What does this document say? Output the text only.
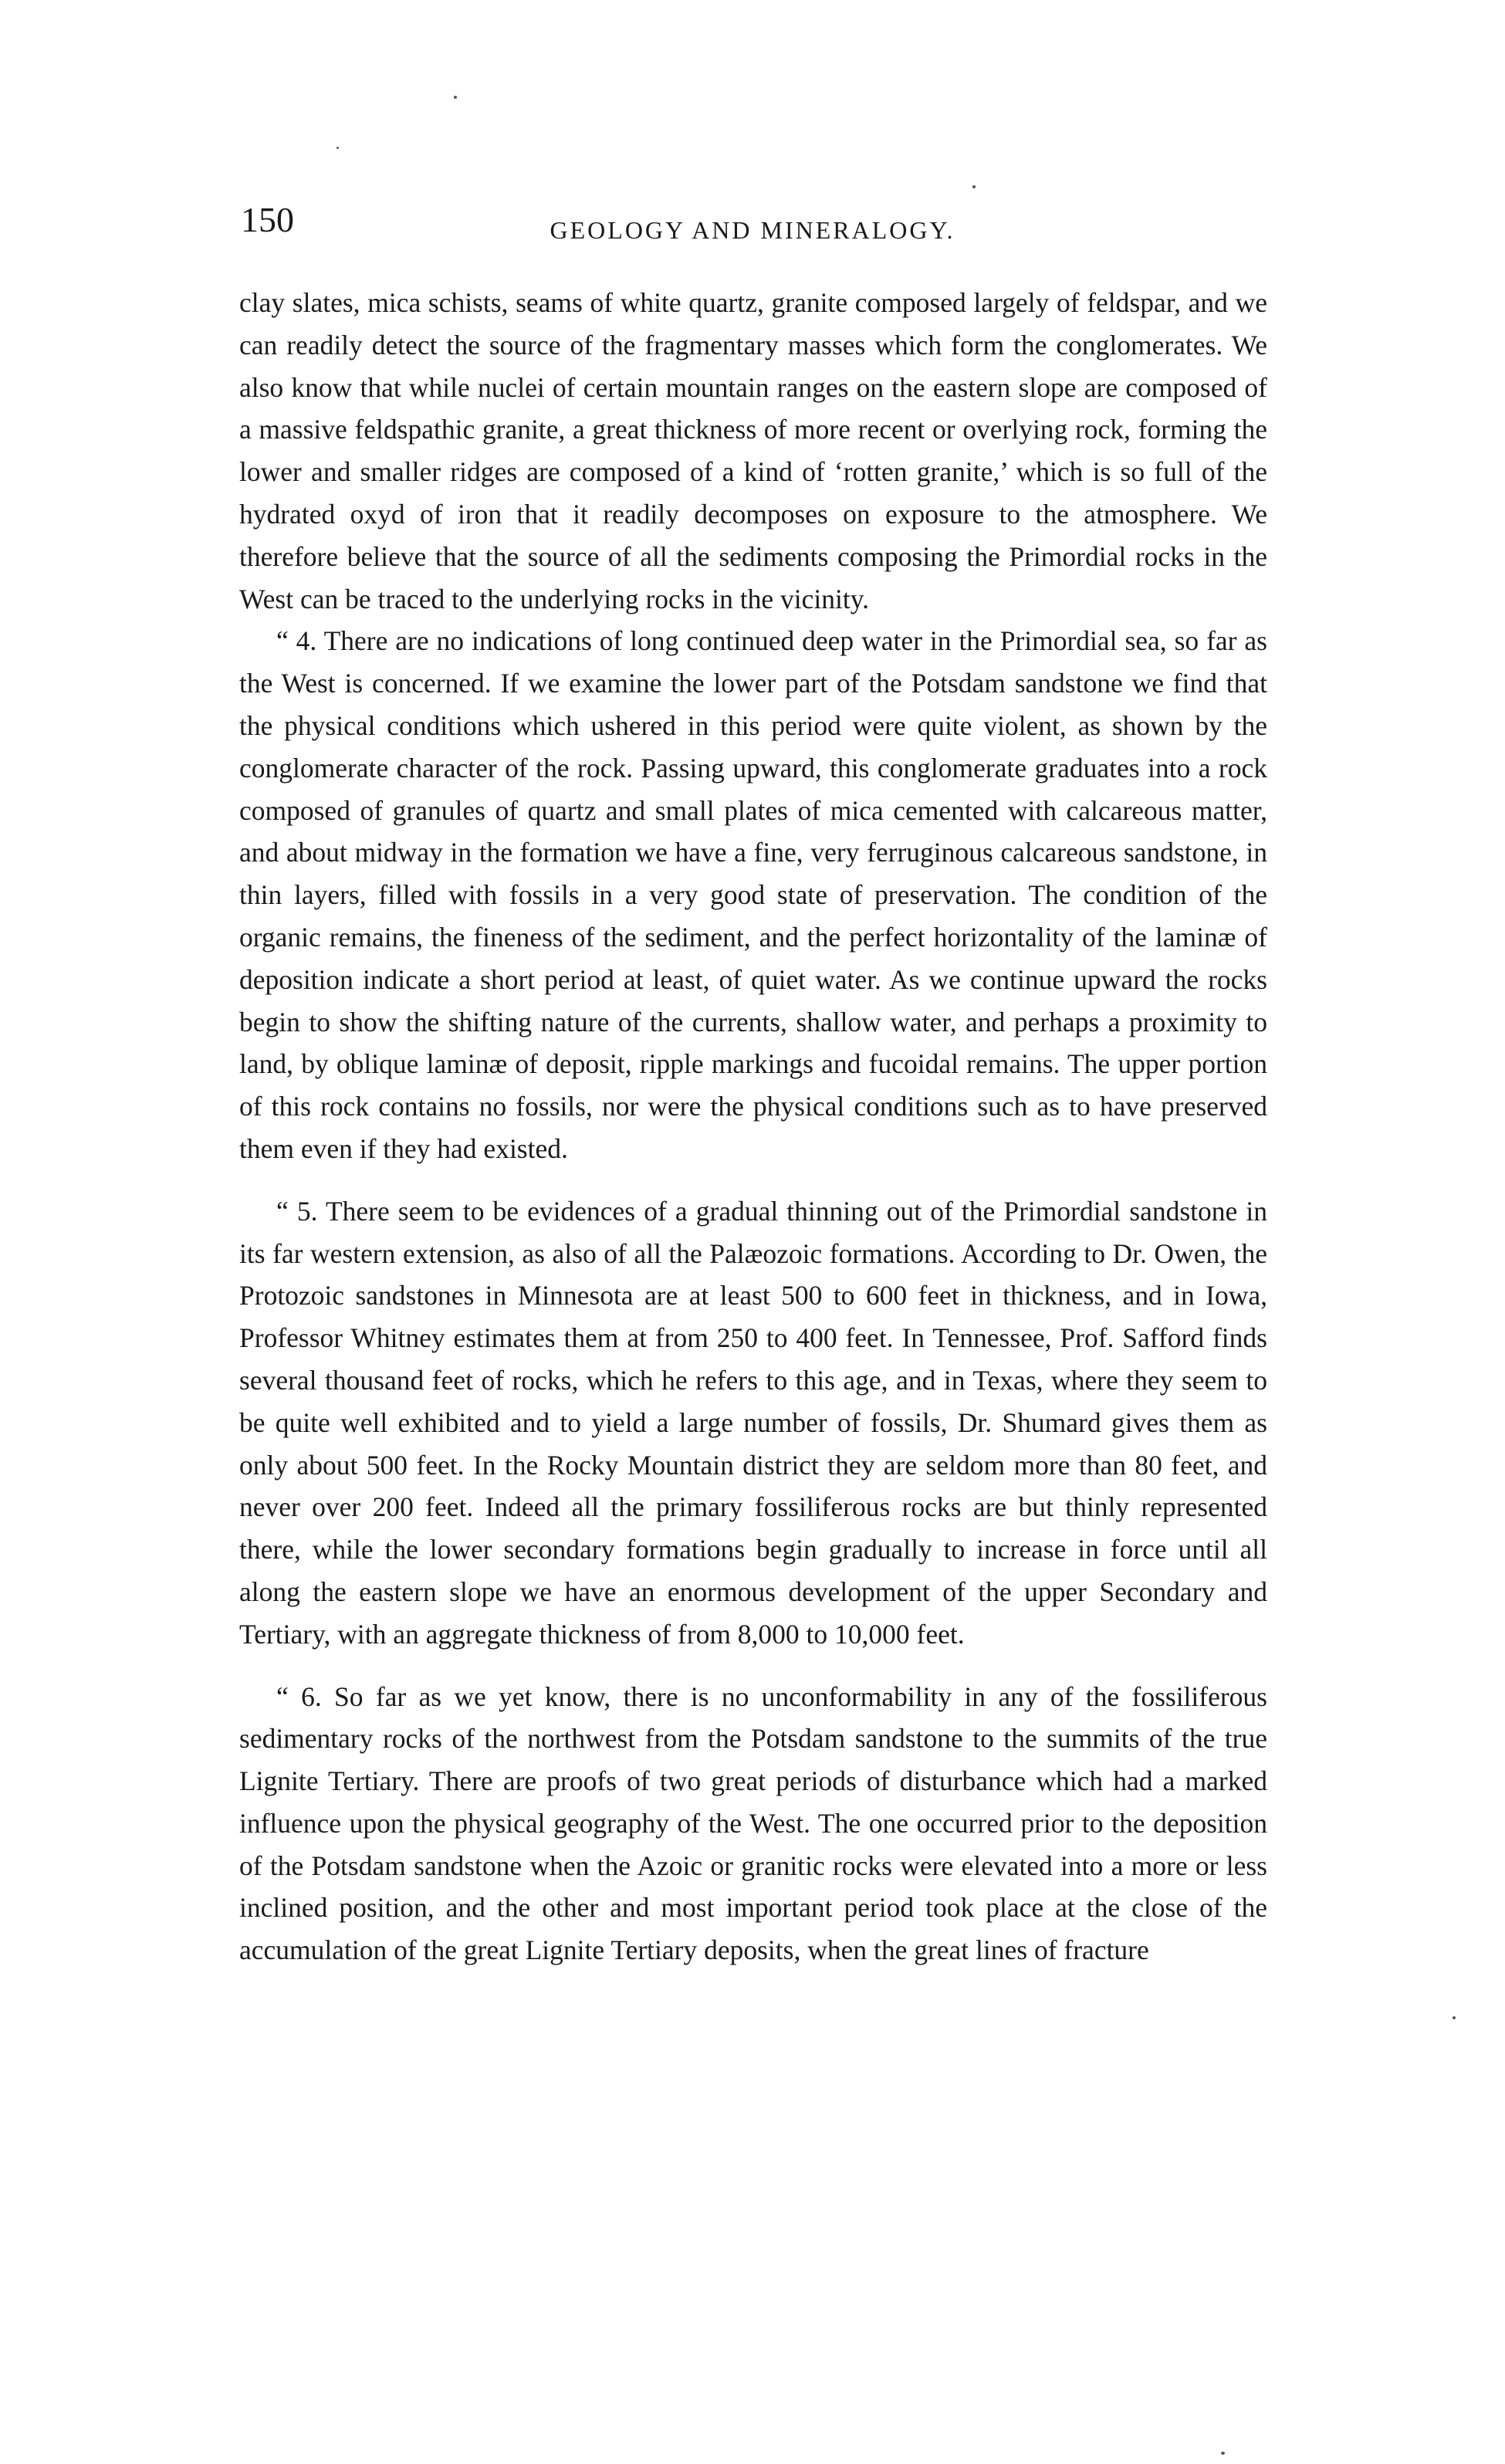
150	GEOLOGY AND MINERALOGY.

clay slates, mica schists, seams of white quartz, granite composed largely of feldspar, and we can readily detect the source of the fragmentary masses which form the conglomerates. We also know that while nuclei of certain mountain ranges on the eastern slope are composed of a massive feldspathic granite, a great thickness of more recent or overlying rock, forming the lower and smaller ridges are composed of a kind of ‘rotten granite,’ which is so full of the hydrated oxyd of iron that it readily decomposes on exposure to the atmosphere. We therefore believe that the source of all the sediments composing the Primordial rocks in the West can be traced to the underlying rocks in the vicinity.

“ 4. There are no indications of long continued deep water in the Primordial sea, so far as the West is concerned. If we examine the lower part of the Potsdam sandstone we find that the physical conditions which ushered in this period were quite violent, as shown by the conglomerate character of the rock. Passing upward, this conglomerate graduates into a rock composed of granules of quartz and small plates of mica cemented with calcareous matter, and about midway in the formation we have a fine, very ferruginous calcareous sandstone, in thin layers, filled with fossils in a very good state of preservation. The condition of the organic remains, the fineness of the sediment, and the perfect horizontality of the laminæ of deposition indicate a short period at least, of quiet water. As we continue upward the rocks begin to show the shifting nature of the currents, shallow water, and perhaps a proximity to land, by oblique laminæ of deposit, ripple markings and fucoidal remains. The upper portion of this rock contains no fossils, nor were the physical conditions such as to have preserved them even if they had existed.

“ 5. There seem to be evidences of a gradual thinning out of the Primordial sandstone in its far western extension, as also of all the Palæozoic formations. According to Dr. Owen, the Protozoic sandstones in Minnesota are at least 500 to 600 feet in thickness, and in Iowa, Professor Whitney estimates them at from 250 to 400 feet. In Tennessee, Prof. Safford finds several thousand feet of rocks, which he refers to this age, and in Texas, where they seem to be quite well exhibited and to yield a large number of fossils, Dr. Shumard gives them as only about 500 feet. In the Rocky Mountain district they are seldom more than 80 feet, and never over 200 feet. Indeed all the primary fossiliferous rocks are but thinly represented there, while the lower secondary formations begin gradually to increase in force until all along the eastern slope we have an enormous development of the upper Secondary and Tertiary, with an aggregate thickness of from 8,000 to 10,000 feet.

“ 6. So far as we yet know, there is no unconformability in any of the fossiliferous sedimentary rocks of the northwest from the Potsdam sandstone to the summits of the true Lignite Tertiary. There are proofs of two great periods of disturbance which had a marked influence upon the physical geography of the West. The one occurred prior to the deposition of the Potsdam sandstone when the Azoic or granitic rocks were elevated into a more or less inclined position, and the other and most important period took place at the close of the accumulation of the great Lignite Tertiary deposits, when the great lines of fracture
